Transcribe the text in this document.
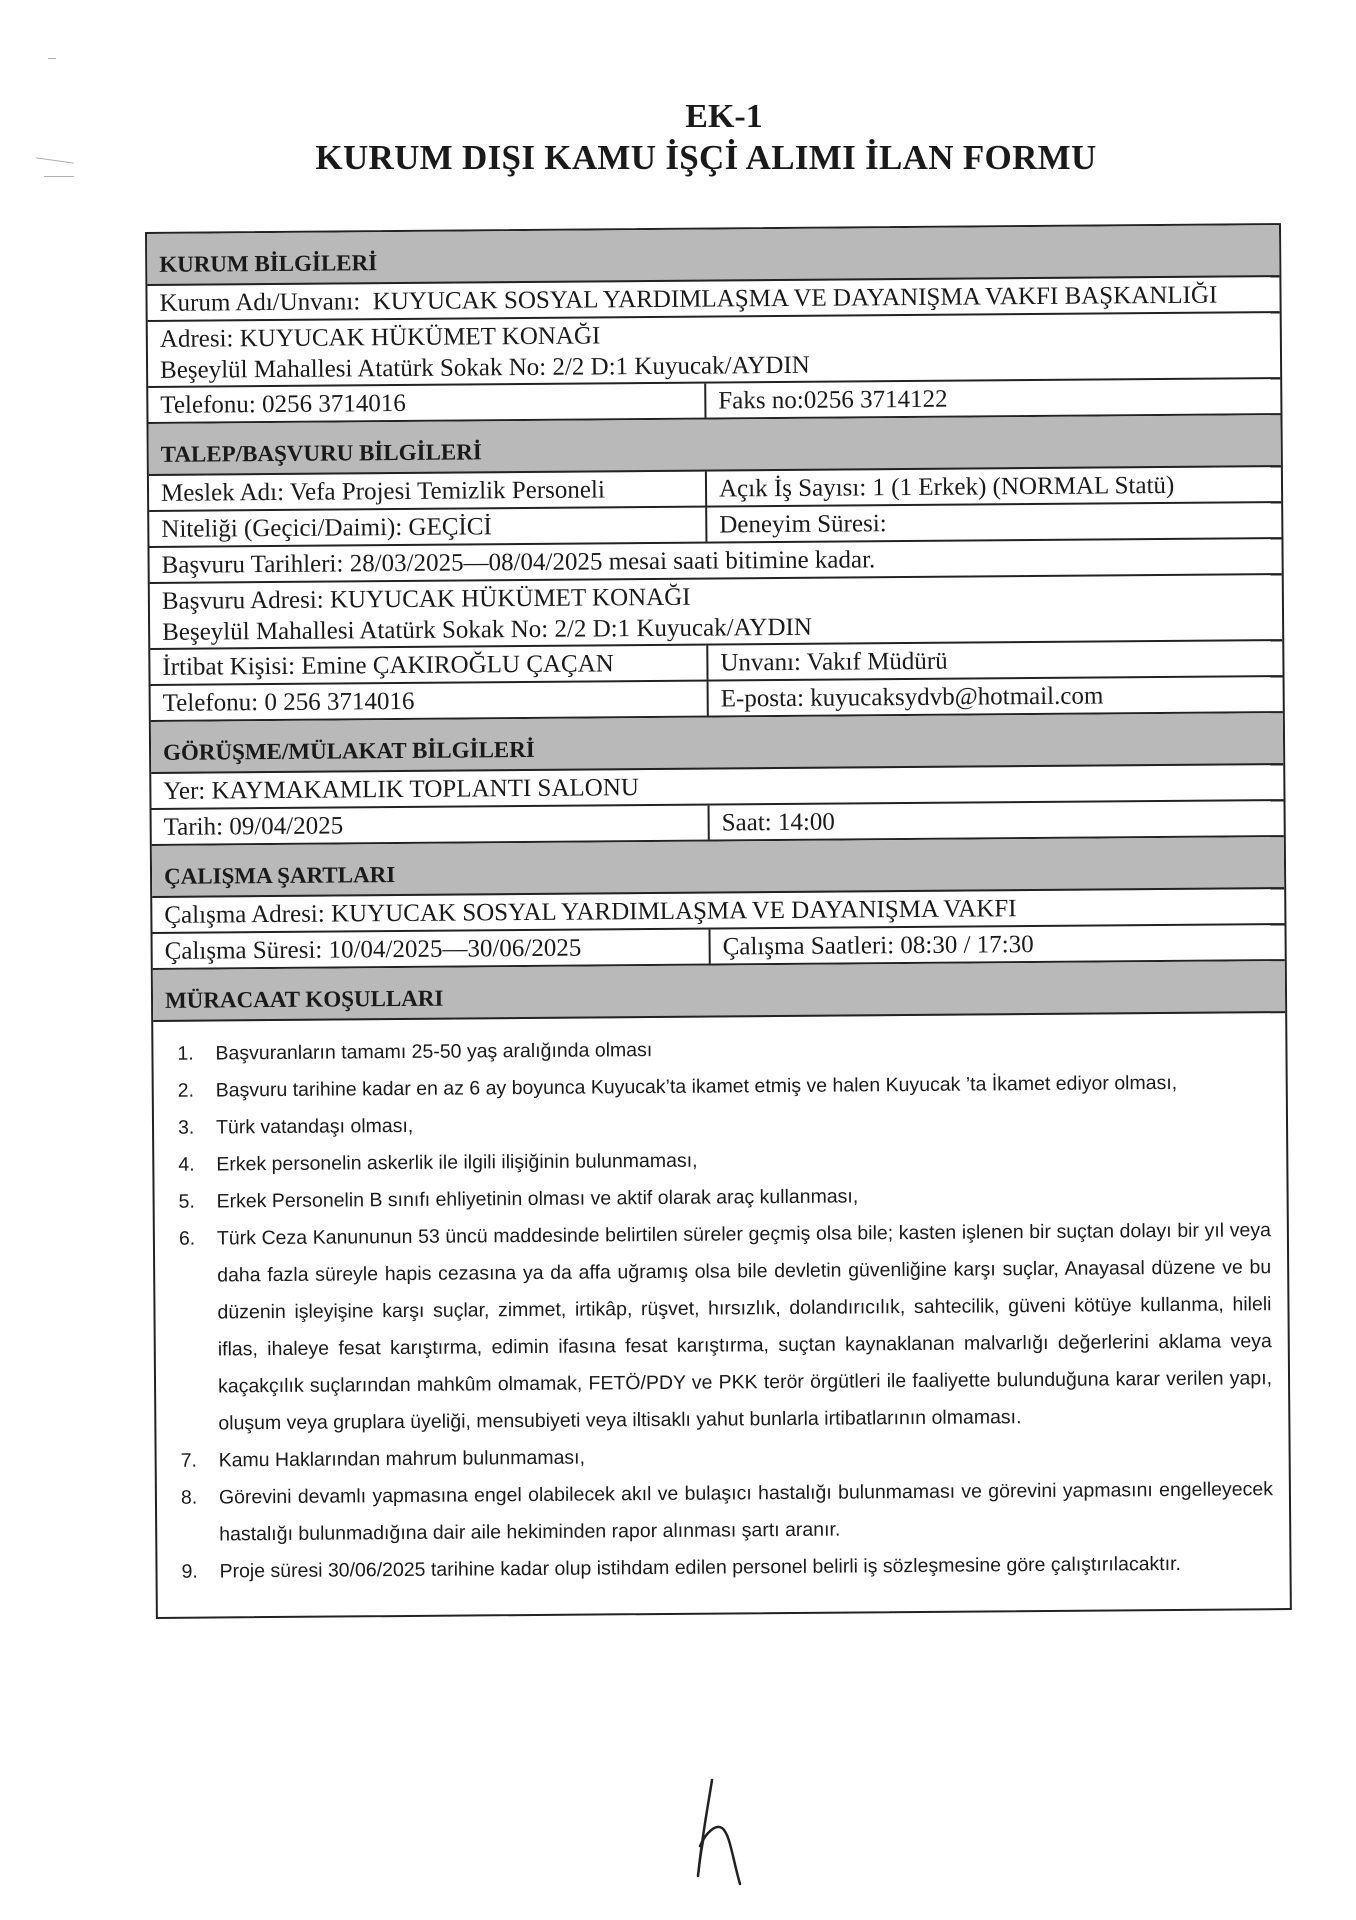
EK-1
KURUM DIŞI KAMU İŞÇİ ALIMI İLAN FORMU
KURUM BİLGİLERİ
Kurum Adı/Unvanı: KUYUCAK SOSYAL YARDIMLAŞMA VE DAYANIŞMA VAKFI BAŞKANLIĞI
Adresi: KUYUCAK HÜKÜMET KONAĞI
Beşeylül Mahallesi Atatürk Sokak No: 2/2 D:1 Kuyucak/AYDIN
Telefonu: 0256 3714016	Faks no:0256 3714122
TALEP/BAŞVURU BİLGİLERİ
Meslek Adı: Vefa Projesi Temizlik Personeli	Açık İş Sayısı: 1 (1 Erkek) (NORMAL Statü)
Niteliği (Geçici/Daimi): GEÇİCİ	Deneyim Süresi:
Başvuru Tarihleri: 28/03/2025—08/04/2025 mesai saati bitimine kadar.
Başvuru Adresi: KUYUCAK HÜKÜMET KONAĞI
Beşeylül Mahallesi Atatürk Sokak No: 2/2 D:1 Kuyucak/AYDIN
İrtibat Kişisi: Emine ÇAKIROĞLU ÇAÇAN	Unvanı: Vakıf Müdürü
Telefonu: 0 256 3714016	E-posta: kuyucaksydvb@hotmail.com
GÖRÜŞME/MÜLAKAT BİLGİLERİ
Yer: KAYMAKAMLIK TOPLANTI SALONU
Tarih: 09/04/2025	Saat: 14:00
ÇALIŞMA ŞARTLARI
Çalışma Adresi: KUYUCAK SOSYAL YARDIMLAŞMA VE DAYANIŞMA VAKFI
Çalışma Süresi: 10/04/2025—30/06/2025	Çalışma Saatleri: 08:30 / 17:30
MÜRACAAT KOŞULLARI
1.	Başvuranların tamamı 25-50 yaş aralığında olması
2.	Başvuru tarihine kadar en az 6 ay boyunca Kuyucak’ta ikamet etmiş ve halen Kuyucak ’ta İkamet ediyor olması,
3.	Türk vatandaşı olması,
4.	Erkek personelin askerlik ile ilgili ilişiğinin bulunmaması,
5.	Erkek Personelin B sınıfı ehliyetinin olması ve aktif olarak araç kullanması,
6.	Türk Ceza Kanununun 53 üncü maddesinde belirtilen süreler geçmiş olsa bile; kasten işlenen bir suçtan dolayı bir yıl veya daha fazla süreyle hapis cezasına ya da affa uğramış olsa bile devletin güvenliğine karşı suçlar, Anayasal düzene ve bu düzenin işleyişine karşı suçlar, zimmet, irtikâp, rüşvet, hırsızlık, dolandırıcılık, sahtecilik, güveni kötüye kullanma, hileli iflas, ihaleye fesat karıştırma, edimin ifasına fesat karıştırma, suçtan kaynaklanan malvarlığı değerlerini aklama veya kaçakçılık suçlarından mahkûm olmamak, FETÖ/PDY ve PKK terör örgütleri ile faaliyette bulunduğuna karar verilen yapı, oluşum veya gruplara üyeliği, mensubiyeti veya iltisaklı yahut bunlarla irtibatlarının olmaması.
7.	Kamu Haklarından mahrum bulunmaması,
8.	Görevini devamlı yapmasına engel olabilecek akıl ve bulaşıcı hastalığı bulunmaması ve görevini yapmasını engelleyecek hastalığı bulunmadığına dair aile hekiminden rapor alınması şartı aranır.
9.	Proje süresi 30/06/2025 tarihine kadar olup istihdam edilen personel belirli iş sözleşmesine göre çalıştırılacaktır.
